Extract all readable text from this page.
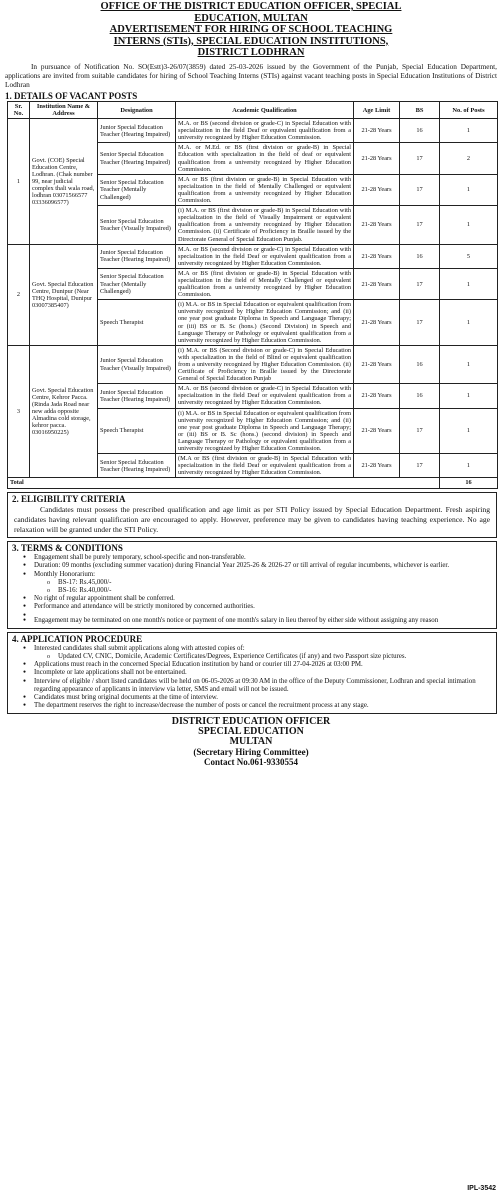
OFFICE OF THE DISTRICT EDUCATION OFFICER, SPECIAL
EDUCATION, MULTAN
ADVERTISEMENT FOR HIRING OF SCHOOL TEACHING
INTERNS (STIs), SPECIAL EDUCATION INSTITUTIONS,
DISTRICT LODHRAN
In pursuance of Notification No. SO(Estt)3-26/07(3859) dated 25-03-2026 issued by the Government of the Punjab, Special Education Department, applications are invited from suitable candidates for hiring of School Teaching Interns (STIs) against vacant teaching posts in Special Education Institutions of District Lodhran
1. DETAILS OF VACANT POSTS
Sr. No.	Institution Name & Address	Designation	Academic Qualification	Age Limit	BS	No. of Posts
1	Govt. (COE) Special Education Centre, Lodhran. (Chak number 99, near judicial complex thali wala road, lodhran 03071566577 03336096577)	Junior Special Education Teacher (Hearing Impaired)	M.A. or BS (second division or grade-C) in Special Education with specialization in the field Deaf or equivalent qualification from a university recognized by Higher Education Commission.	21-28 Years	16	1
		Senior Special Education Teacher (Hearing Impaired)	M.A. or M.Ed. or BS (first division or grade-B) in Special Education with specialization in the field of deaf or equivalent qualification from a university recognized by Higher Education Commission.	21-28 Years	17	2
		Senior Special Education Teacher (Mentally Challenged)	M.A or BS (first division or grade-B) in Special Education with specialization in the field of Mentally Challenged or equivalent qualification from a university recognized by Higher Education Commission.	21-28 Years	17	1
		Senior Special Education Teacher (Visually Impaired)	(i) M.A. or BS (first division or grade-B) in Special Education with specialization in the field of Visually Impairment or equivalent qualification from a university recognized by Higher Education Commission. (ii) Certificate of Proficiency in Braille issued by the Directorate General of Special Education Punjab.	21-28 Years	17	1
2	Govt. Special Education Centre, Dunipur (Near THQ Hospital, Dunipur 03007385407)	Junior Special Education Teacher (Hearing Impaired)	M.A. or BS (second division or grade-C) in Special Education with specialization in the field Deaf or equivalent qualification from a university recognized by Higher Education Commission.	21-28 Years	16	5
		Senior Special Education Teacher (Mentally Challenged)	M.A or BS (first division or grade-B) in Special Education with specialization in the field of Mentally Challenged or equivalent qualification from a university recognized by Higher Education Commission.	21-28 Years	17	1
		Speech Therapist	(i) M.A. or BS in Special Education or equivalent qualification from university recognized by Higher Education Commission; and (ii) one year post graduate Diploma in Speech and Language Therapy; or (iii) BS or B. Sc (hons.) (Second Division) in Speech and Language Therapy or Pathology or equivalent qualification from a university recognized by Higher Education Commission.	21-28 Years	17	1
3	Govt. Special Education Centre, Kehror Pacca. (Rinda Jada Road near new adda opposite Almadina cold storage, kehror pacca. 03016950225)	Junior Special Education Teacher (Visually Impaired)	(i) M.A. or BS (Second division or grade-C) in Special Education with specialization in the field of Blind or equivalent qualification from a university recognized by Higher Education Commission. (ii) Certificate of Proficiency in Braille issued by the Directorate General of Special Education Punjab	21-28 Years	16	1
		Junior Special Education Teacher (Hearing Impaired)	M.A. or BS (second division or grade-C) in Special Education with specialization in the field Deaf or equivalent qualification from a university recognized by Higher Education Commission.	21-28 Years	16	1
		Speech Therapist	(i) M.A. or BS in Special Education or equivalent qualification from university recognized by Higher Education Commission; and (ii) one year post graduate Diploma in Speech and Language Therapy; or (iii) BS or B. Sc (hons.) (second division) in Speech and Language Therapy or Pathology or equivalent qualification from a university recognized by Higher Education Commission.	21-28 Years	17	1
		Senior Special Education Teacher (Hearing Impaired)	(M.A or BS (first division or grade-B) in Special Education with specialization in the field Deaf or equivalent qualification from a university recognized by Higher Education Commission.	21-28 Years	17	1
Total						16
2. ELIGIBILITY CRITERIA
Candidates must possess the prescribed qualification and age limit as per STI Policy issued by Special Education Department. Fresh aspiring candidates having relevant qualification are encouraged to apply. However, preference may be given to candidates having teaching experience. No age relaxation will be granted under the STI Policy.
3. TERMS & CONDITIONS
● Engagement shall be purely temporary, school-specific and non-transferable.
● Duration: 09 months (excluding summer vacation) during Financial Year 2025-26 & 2026-27 or till arrival of regular incumbents, whichever is earlier.
● Monthly Honorarium:
o BS-17: Rs.45,000/-
o BS-16: Rs.40,000/-
● No right of regular appointment shall be conferred.
● Performance and attendance will be strictly monitored by concerned authorities.
●
● Engagement may be terminated on one month's notice or payment of one month's salary in lieu thereof by either side without assigning any reason
4. APPLICATION PROCEDURE
● Interested candidates shall submit applications along with attested copies of:
o Updated CV, CNIC, Domicile, Academic Certificates/Degrees, Experience Certificates (if any) and two Passport size pictures.
● Applications must reach in the concerned Special Education institution by hand or courier till 27-04-2026 at 03:00 PM.
● Incomplete or late applications shall not be entertained.
● Interview of eligible / short listed candidates will be held on 06-05-2026 at 09:30 AM in the office of the Deputy Commissioner, Lodhran and special intimation regarding appearance of applicants in interview via letter, SMS and email will not be issued.
● Candidates must bring original documents at the time of interview.
● The department reserves the right to increase/decrease the number of posts or cancel the recruitment process at any stage.
DISTRICT EDUCATION OFFICER
SPECIAL EDUCATION
MULTAN
(Secretary Hiring Committee)
Contact No.061-9330554
IPL-3542
